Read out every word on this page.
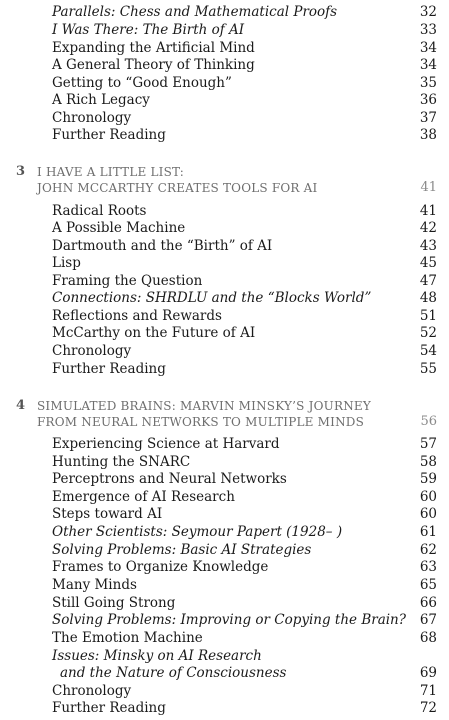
Parallels: Chess and Mathematical Proofs	32
I Was There: The Birth of AI	33
Expanding the Artificial Mind	34
A General Theory of Thinking	34
Getting to “Good Enough”	35
A Rich Legacy	36
Chronology	37
Further Reading	38
3 I HAVE A LITTLE LIST:
JOHN MCCARTHY CREATES TOOLS FOR AI	41
Radical Roots	41
A Possible Machine	42
Dartmouth and the “Birth” of AI	43
Lisp	45
Framing the Question	47
Connections: SHRDLU and the “Blocks World”	48
Reflections and Rewards	51
McCarthy on the Future of AI	52
Chronology	54
Further Reading	55
4 SIMULATED BRAINS: MARVIN MINSKY’S JOURNEY
FROM NEURAL NETWORKS TO MULTIPLE MINDS	56
Experiencing Science at Harvard	57
Hunting the SNARC	58
Perceptrons and Neural Networks	59
Emergence of AI Research	60
Steps toward AI	60
Other Scientists: Seymour Papert (1928– )	61
Solving Problems: Basic AI Strategies	62
Frames to Organize Knowledge	63
Many Minds	65
Still Going Strong	66
Solving Problems: Improving or Copying the Brain? 67
The Emotion Machine	68
Issues: Minsky on AI Research
and the Nature of Consciousness	69
Chronology	71
Further Reading	72
